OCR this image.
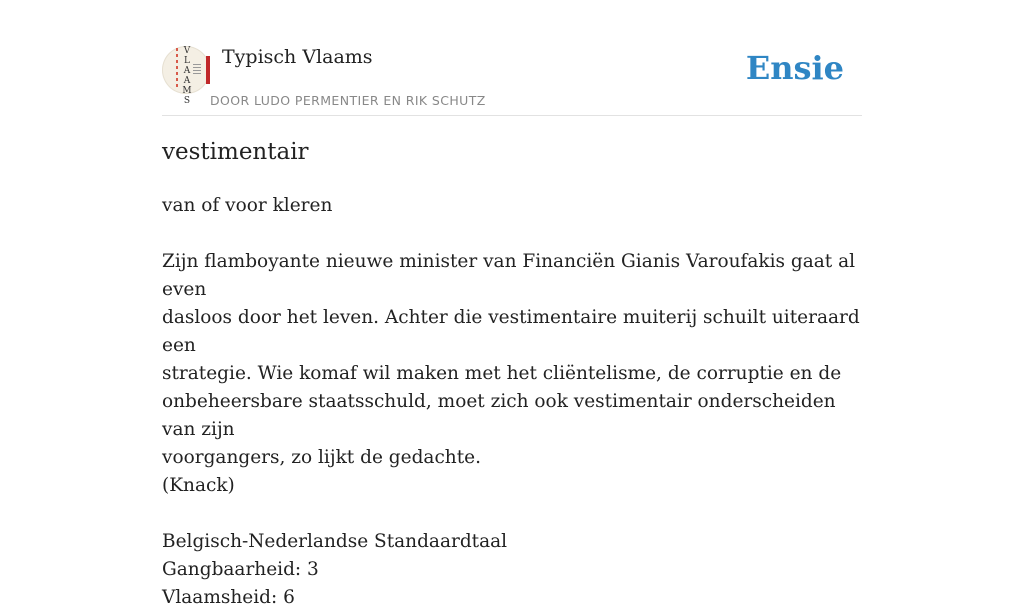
V
L
A
A
M
S
Typisch Vlaams
DOOR LUDO PERMENTIER EN RIK SCHUTZ
Ensie
vestimentair

van of voor kleren

Zijn flamboyante nieuwe minister van Financiën Gianis Varoufakis gaat al even

dasloos door het leven. Achter die vestimentaire muiterij schuilt uiteraard een

strategie. Wie komaf wil maken met het cliëntelisme, de corruptie en de

onbeheersbare staatsschuld, moet zich ook vestimentair onderscheiden van zijn

voorgangers, zo lijkt de gedachte.

(Knack)

Belgisch-Nederlandse Standaardtaal

Gangbaarheid: 3

Vlaamsheid: 6
